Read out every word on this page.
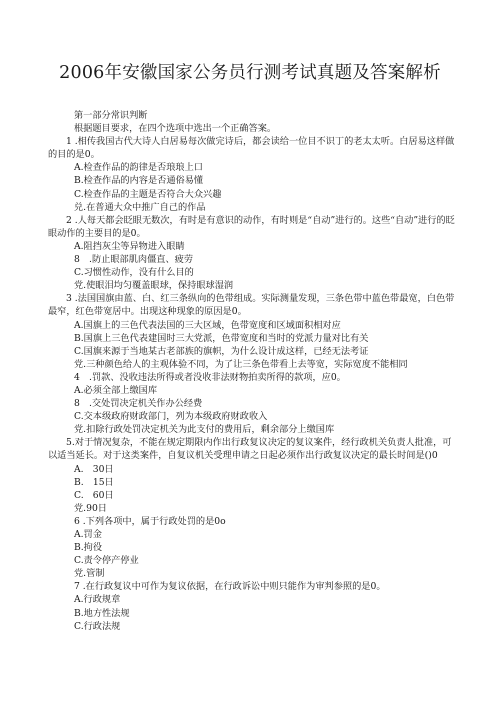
2006年安徽国家公务员行测考试真题及答案解析

第一部分常识判断

根据题目要求，在四个选项中选出一个正确答案。

1 .相传我国古代大诗人白居易每次做完诗后，都会读给一位目不识丁的老太太听。白居易这样做的目的是0。

A.检查作品的韵律是否琅琅上口

B.检查作品的内容是否通俗易懂

C.检查作品的主题是否符合大众兴趣

兑.在普通大众中推广自己的作品

2 .人每天都会眨眼无数次，有时是有意识的动作，有时则是“自动”进行的。这些“自动”进行的眨眼动作的主要目的是0。

A.阻挡灰尘等异物进入眼睛

8　.防止眼部肌肉僵直、疲劳

C.习惯性动作，没有什么目的

党.使眼泪均匀覆盖眼球，保持眼球湿润

3 .法国国旗由蓝、白、红三条纵向的色带组成。实际测量发现，三条色带中蓝色带最宽，白色带最窄，红色带宽居中。出现这种现象的原因是0。

A.国旗上的三色代表法国的三大区域，色带宽度和区域面积相对应

B.国旗上三色代表建国时三大党派，色带宽度和当时的党派力量对比有关

C.国旗来源于当地某古老部族的旗帜，为什么设计成这样，已经无法考证

党.三种颜色给人的主观体验不同，为了让三条色带看上去等宽，实际宽度不能相同

4　.罚款、没收违法所得或者没收非法财物拍卖所得的款项，应0。

A.必须全部上缴国库

8　.交处罚决定机关作办公经费

C.交本级政府财政部门，列为本级政府财政收入

党.扣除行政处罚决定机关为此支付的费用后，剩余部分上缴国库

5.对于情况复杂，不能在规定期限内作出行政复议决定的复议案件，经行政机关负责人批准，可以适当延长。对于这类案件，自复议机关受理申请之日起必须作出行政复议决定的最长时间是()0

A.　30日

B.　15日

C.　60日

党.90日

6 .下列各项中，属于行政处罚的是0o

A.罚金

B.拘役

C.责令停产停业

党.管制

7 .在行政复议中可作为复议依据，在行政诉讼中则只能作为审判参照的是0。

A.行政规章

B.地方性法规

C.行政法规
